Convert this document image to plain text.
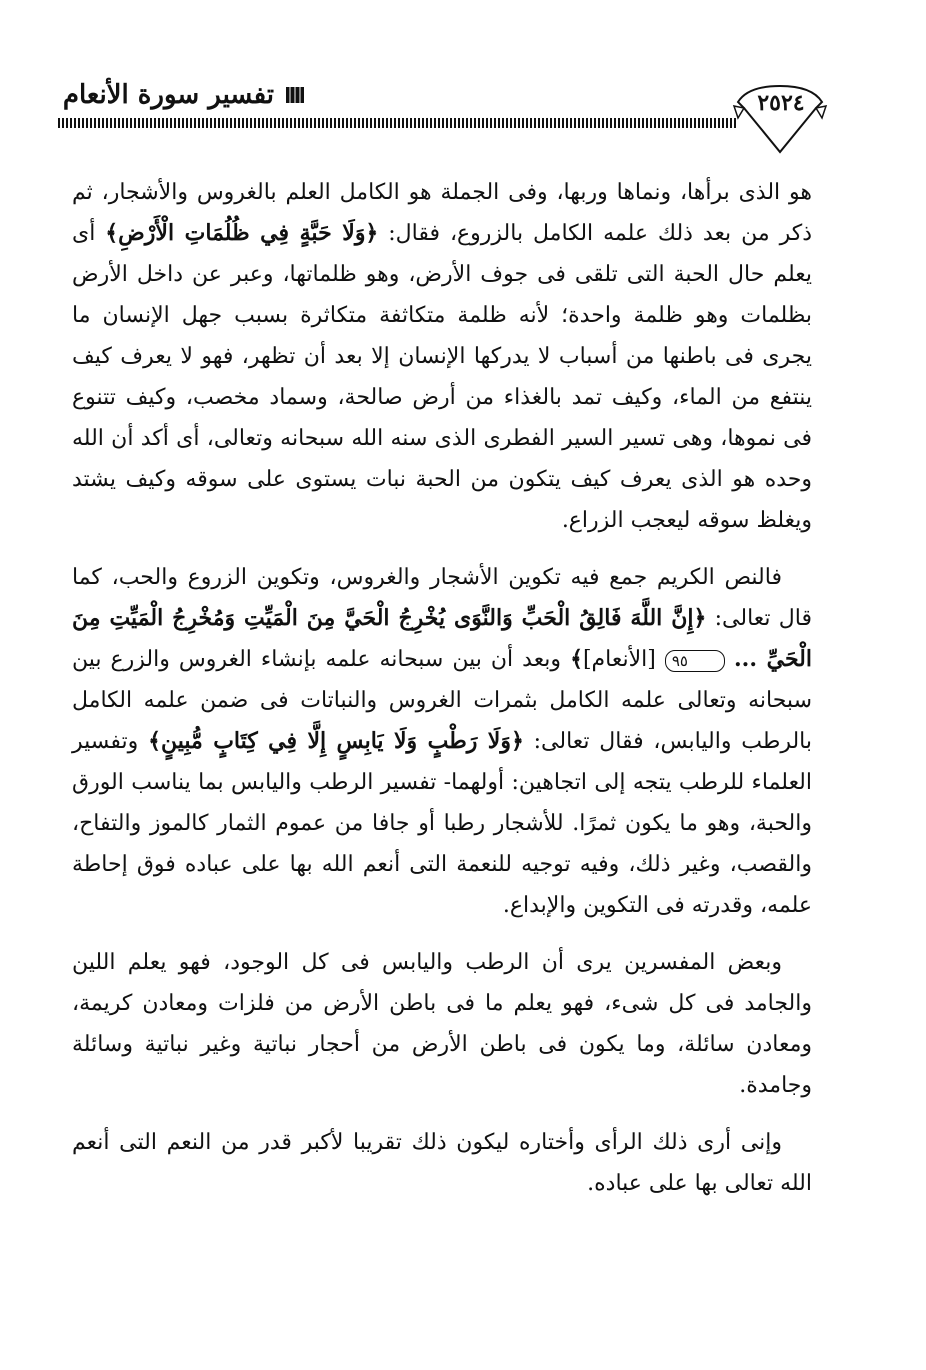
تفسير سورة الأنعام	٢٥٢٤

هو الذى برأها، ونماها وربها، وفى الجملة هو الكامل العلم بالغروس والأشجار، ثم ذكر من بعد ذلك علمه الكامل بالزروع، فقال: ﴿وَلَا حَبَّةٍ فِي ظُلُمَاتِ الْأَرْضِ﴾ أى يعلم حال الحبة التى تلقى فى جوف الأرض، وهو ظلماتها، وعبر عن داخل الأرض بظلمات وهو ظلمة واحدة؛ لأنه ظلمة متكاثفة متكاثرة بسبب جهل الإنسان ما يجرى فى باطنها من أسباب لا يدركها الإنسان إلا بعد أن تظهر، فهو لا يعرف كيف ينتفع من الماء، وكيف تمد بالغذاء من أرض صالحة، وسماد مخصب، وكيف تتنوع فى نموها، وهى تسير السير الفطرى الذى سنه الله سبحانه وتعالى، أى أكد أن الله وحده هو الذى يعرف كيف يتكون من الحبة نبات يستوى على سوقه وكيف يشتد ويغلظ سوقه ليعجب الزراع.

فالنص الكريم جمع فيه تكوين الأشجار والغروس، وتكوين الزروع والحب، كما قال تعالى: ﴿إِنَّ اللَّهَ فَالِقُ الْحَبِّ وَالنَّوَى يُخْرِجُ الْحَيَّ مِنَ الْمَيِّتِ وَمُخْرِجُ الْمَيِّتِ مِنَ الْحَيِّ ... ٩٥ [الأنعام]﴾ وبعد أن بين سبحانه علمه بإنشاء الغروس والزرع بين سبحانه وتعالى علمه الكامل بثمرات الغروس والنباتات فى ضمن علمه الكامل بالرطب واليابس، فقال تعالى: ﴿وَلَا رَطْبٍ وَلَا يَابِسٍ إِلَّا فِي كِتَابٍ مُّبِينٍ﴾ وتفسير العلماء للرطب يتجه إلى اتجاهين: أولهما- تفسير الرطب واليابس بما يناسب الورق والحبة، وهو ما يكون ثمرًا. للأشجار رطبا أو جافا من عموم الثمار كالموز والتفاح، والقصب، وغير ذلك، وفيه توجيه للنعمة التى أنعم الله بها على عباده فوق إحاطة علمه، وقدرته فى التكوين والإبداع.

وبعض المفسرين يرى أن الرطب واليابس فى كل الوجود، فهو يعلم اللين والجامد فى كل شىء، فهو يعلم ما فى باطن الأرض من فلزات ومعادن كريمة، ومعادن سائلة، وما يكون فى باطن الأرض من أحجار نباتية وغير نباتية وسائلة وجامدة.

وإنى أرى ذلك الرأى وأختاره ليكون ذلك تقريبا لأكبر قدر من النعم التى أنعم الله تعالى بها على عباده.
